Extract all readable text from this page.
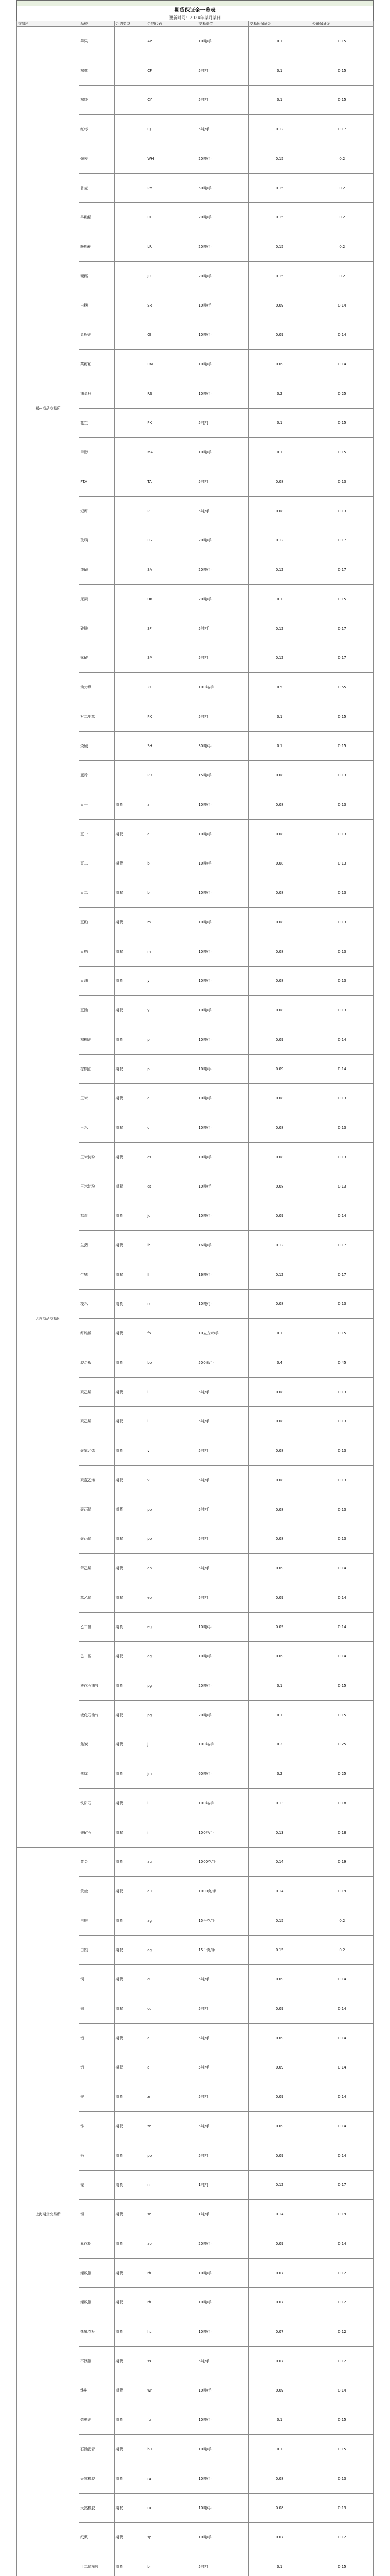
期货保证金一览表
更新时间：2024年某月某日
交易所	品种	合约类型	合约代码	交易单位	交易所保证金	公司保证金
郑州商品交易所	苹果		AP	10吨/手	0.1	0.15
	棉花		CF	5吨/手	0.1	0.15
	棉纱		CY	5吨/手	0.1	0.15
	红枣		CJ	5吨/手	0.12	0.17
	强麦		WH	20吨/手	0.15	0.2
	普麦		PM	50吨/手	0.15	0.2
	早籼稻		RI	20吨/手	0.15	0.2
	晚籼稻		LR	20吨/手	0.15	0.2
	粳稻		JR	20吨/手	0.15	0.2
	白糖		SR	10吨/手	0.09	0.14
	菜籽油		OI	10吨/手	0.09	0.14
	菜籽粕		RM	10吨/手	0.09	0.14
	油菜籽		RS	10吨/手	0.2	0.25
	花生		PK	5吨/手	0.1	0.15
	甲醇		MA	10吨/手	0.1	0.15
	PTA		TA	5吨/手	0.08	0.13
	短纤		PF	5吨/手	0.08	0.13
	玻璃		FG	20吨/手	0.12	0.17
	纯碱		SA	20吨/手	0.12	0.17
	尿素		UR	20吨/手	0.1	0.15
	硅铁		SF	5吨/手	0.12	0.17
	锰硅		SM	5吨/手	0.12	0.17
	动力煤		ZC	100吨/手	0.5	0.55
	对二甲苯		PX	5吨/手	0.1	0.15
	烧碱		SH	30吨/手	0.1	0.15
	瓶片		PR	15吨/手	0.08	0.13
大连商品交易所	豆一	期货	a	10吨/手	0.08	0.13
	豆一	期权	a	10吨/手	0.08	0.13
	豆二	期货	b	10吨/手	0.08	0.13
	豆二	期权	b	10吨/手	0.08	0.13
	豆粕	期货	m	10吨/手	0.08	0.13
	豆粕	期权	m	10吨/手	0.08	0.13
	豆油	期货	y	10吨/手	0.08	0.13
	豆油	期权	y	10吨/手	0.08	0.13
	棕榈油	期货	p	10吨/手	0.09	0.14
	棕榈油	期权	p	10吨/手	0.09	0.14
	玉米	期货	c	10吨/手	0.08	0.13
	玉米	期权	c	10吨/手	0.08	0.13
	玉米淀粉	期货	cs	10吨/手	0.08	0.13
	玉米淀粉	期权	cs	10吨/手	0.08	0.13
	鸡蛋	期货	jd	10吨/手	0.09	0.14
	生猪	期货	lh	16吨/手	0.12	0.17
	生猪	期权	lh	16吨/手	0.12	0.17
	粳米	期货	rr	10吨/手	0.08	0.13
	纤维板	期货	fb	10立方米/手	0.1	0.15
	胶合板	期货	bb	500张/手	0.4	0.45
	聚乙烯	期货	l	5吨/手	0.08	0.13
	聚乙烯	期权	l	5吨/手	0.08	0.13
	聚氯乙烯	期货	v	5吨/手	0.08	0.13
	聚氯乙烯	期权	v	5吨/手	0.08	0.13
	聚丙烯	期货	pp	5吨/手	0.08	0.13
	聚丙烯	期权	pp	5吨/手	0.08	0.13
	苯乙烯	期货	eb	5吨/手	0.09	0.14
	苯乙烯	期权	eb	5吨/手	0.09	0.14
	乙二醇	期货	eg	10吨/手	0.09	0.14
	乙二醇	期权	eg	10吨/手	0.09	0.14
	液化石油气	期货	pg	20吨/手	0.1	0.15
	液化石油气	期权	pg	20吨/手	0.1	0.15
	焦炭	期货	j	100吨/手	0.2	0.25
	焦煤	期货	jm	60吨/手	0.2	0.25
	铁矿石	期货	i	100吨/手	0.13	0.18
	铁矿石	期权	i	100吨/手	0.13	0.18
上海期货交易所	黄金	期货	au	1000克/手	0.14	0.19
	黄金	期权	au	1000克/手	0.14	0.19
	白银	期货	ag	15千克/手	0.15	0.2
	白银	期权	ag	15千克/手	0.15	0.2
	铜	期货	cu	5吨/手	0.09	0.14
	铜	期权	cu	5吨/手	0.09	0.14
	铝	期货	al	5吨/手	0.09	0.14
	铝	期权	al	5吨/手	0.09	0.14
	锌	期货	zn	5吨/手	0.09	0.14
	锌	期权	zn	5吨/手	0.09	0.14
	铅	期货	pb	5吨/手	0.09	0.14
	镍	期货	ni	1吨/手	0.12	0.17
	锡	期货	sn	1吨/手	0.14	0.19
	氧化铝	期货	ao	20吨/手	0.09	0.14
	螺纹钢	期货	rb	10吨/手	0.07	0.12
	螺纹钢	期权	rb	10吨/手	0.07	0.12
	热轧卷板	期货	hc	10吨/手	0.07	0.12
	不锈钢	期货	ss	5吨/手	0.07	0.12
	线材	期货	wr	10吨/手	0.09	0.14
	燃料油	期货	fu	10吨/手	0.1	0.15
	石油沥青	期货	bu	10吨/手	0.1	0.15
	天然橡胶	期货	ru	10吨/手	0.08	0.13
	天然橡胶	期权	ru	10吨/手	0.08	0.13
	纸浆	期货	sp	10吨/手	0.07	0.12
	丁二烯橡胶	期货	br	5吨/手	0.1	0.15
